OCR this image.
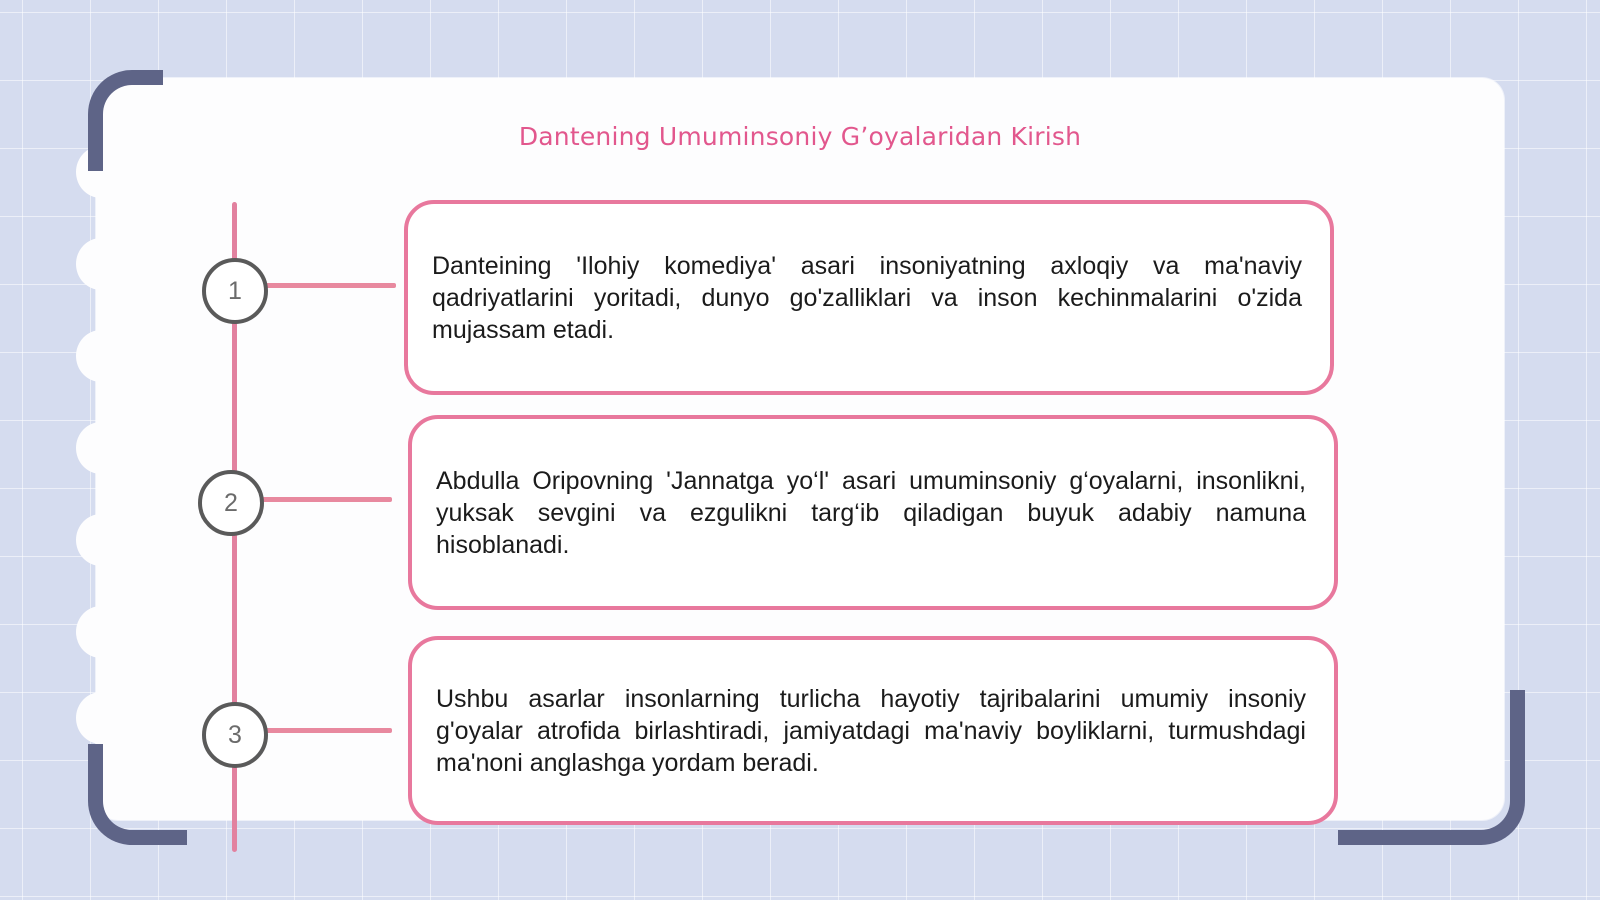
Dantening Umuminsoniy Gʼoyalaridan Kirish
1
2
3

Danteining 'Ilohiy komediya' asari insoniyatning axloqiy va ma'naviy qadriyatlarini yoritadi, dunyo go'zalliklari va inson kechinmalarini o'zida mujassam etadi.

Abdulla Oripovning 'Jannatga yo‘l' asari umuminsoniy g‘oyalarni, insonlikni, yuksak sevgini va ezgulikni targ‘ib qiladigan buyuk adabiy namuna hisoblanadi.

Ushbu asarlar insonlarning turlicha hayotiy tajribalarini umumiy insoniy g'oyalar atrofida birlashtiradi, jamiyatdagi ma'naviy boyliklarni, turmushdagi ma'noni anglashga yordam beradi.
